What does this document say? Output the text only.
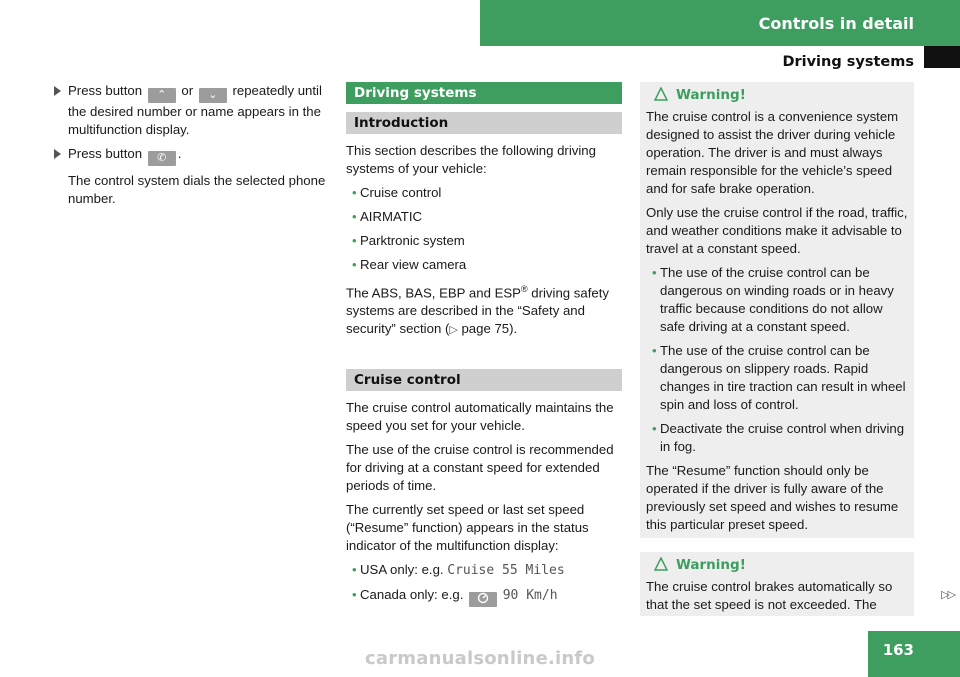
Controls in detail
Driving systems
Press button ⌃ or ⌄ repeatedly until the desired number or name appears in the multifunction display.
Press button ✆ .

The control system dials the selected phone number.

Driving systems
Introduction

This section describes the following driving systems of your vehicle:

• Cruise control
• AIRMATIC
• Parktronic system
• Rear view camera

The ABS, BAS, EBP and ESP® driving safety systems are described in the “Safety and security” section (▷ page 75).

Cruise control

The cruise control automatically maintains the speed you set for your vehicle.

The use of the cruise control is recommended for driving at a constant speed for extended periods of time.

The currently set speed or last set speed (“Resume” function) appears in the status indicator of the multifunction display:

• USA only: e.g. Cruise 55 Miles
• Canada only: e.g.	90 Km/h
Warning!

The cruise control is a convenience system designed to assist the driver during vehicle operation. The driver is and must always remain responsible for the vehicle’s speed and for safe brake operation.

Only use the cruise control if the road, traffic, and weather conditions make it advisable to travel at a constant speed.

• The use of the cruise control can be dangerous on winding roads or in heavy traffic because conditions do not allow safe driving at a constant speed.
• The use of the cruise control can be dangerous on slippery roads. Rapid changes in tire traction can result in wheel spin and loss of control.
• Deactivate the cruise control when driving in fog.

The “Resume” function should only be operated if the driver is fully aware of the previously set speed and wishes to resume this particular preset speed.

Warning!

The cruise control brakes automatically so that the set speed is not exceeded. The

▷▷
163
carmanualsonline.info
